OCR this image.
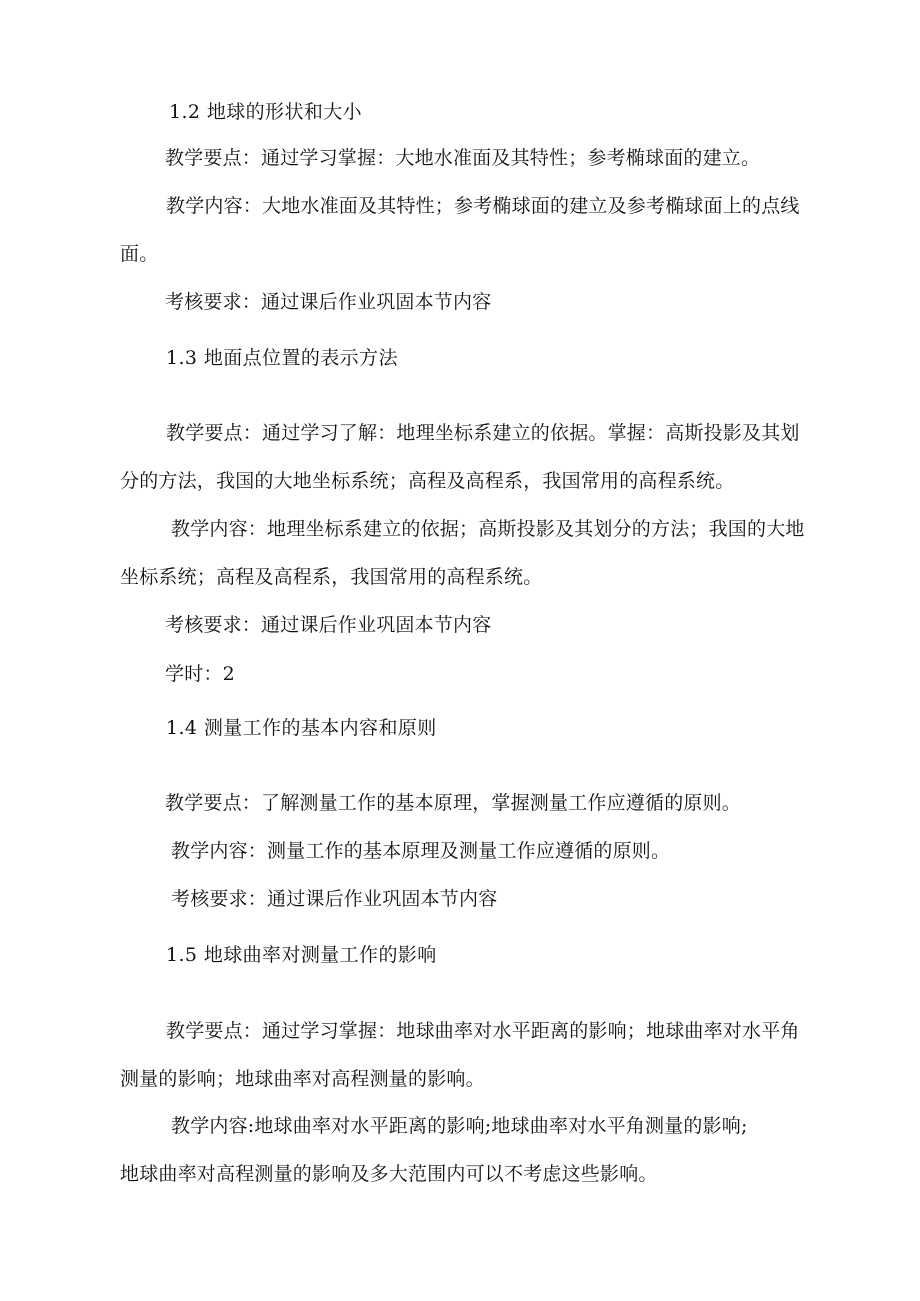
1.2 地球的形状和大小
教学要点：通过学习掌握：大地水准面及其特性；参考椭球面的建立。
教学内容：大地水准面及其特性；参考椭球面的建立及参考椭球面上的点线
面。
考核要求：通过课后作业巩固本节内容
1.3 地面点位置的表示方法
教学要点：通过学习了解：地理坐标系建立的依据。掌握：高斯投影及其划
分的方法，我国的大地坐标系统；高程及高程系，我国常用的高程系统。
教学内容：地理坐标系建立的依据；高斯投影及其划分的方法；我国的大地
坐标系统；高程及高程系，我国常用的高程系统。
考核要求：通过课后作业巩固本节内容
学时：2
1.4 测量工作的基本内容和原则
教学要点：了解测量工作的基本原理，掌握测量工作应遵循的原则。
教学内容：测量工作的基本原理及测量工作应遵循的原则。
考核要求：通过课后作业巩固本节内容
1.5 地球曲率对测量工作的影响
教学要点：通过学习掌握：地球曲率对水平距离的影响；地球曲率对水平角
测量的影响；地球曲率对高程测量的影响。
教学内容:地球曲率对水平距离的影响;地球曲率对水平角测量的影响;
地球曲率对高程测量的影响及多大范围内可以不考虑这些影响。
